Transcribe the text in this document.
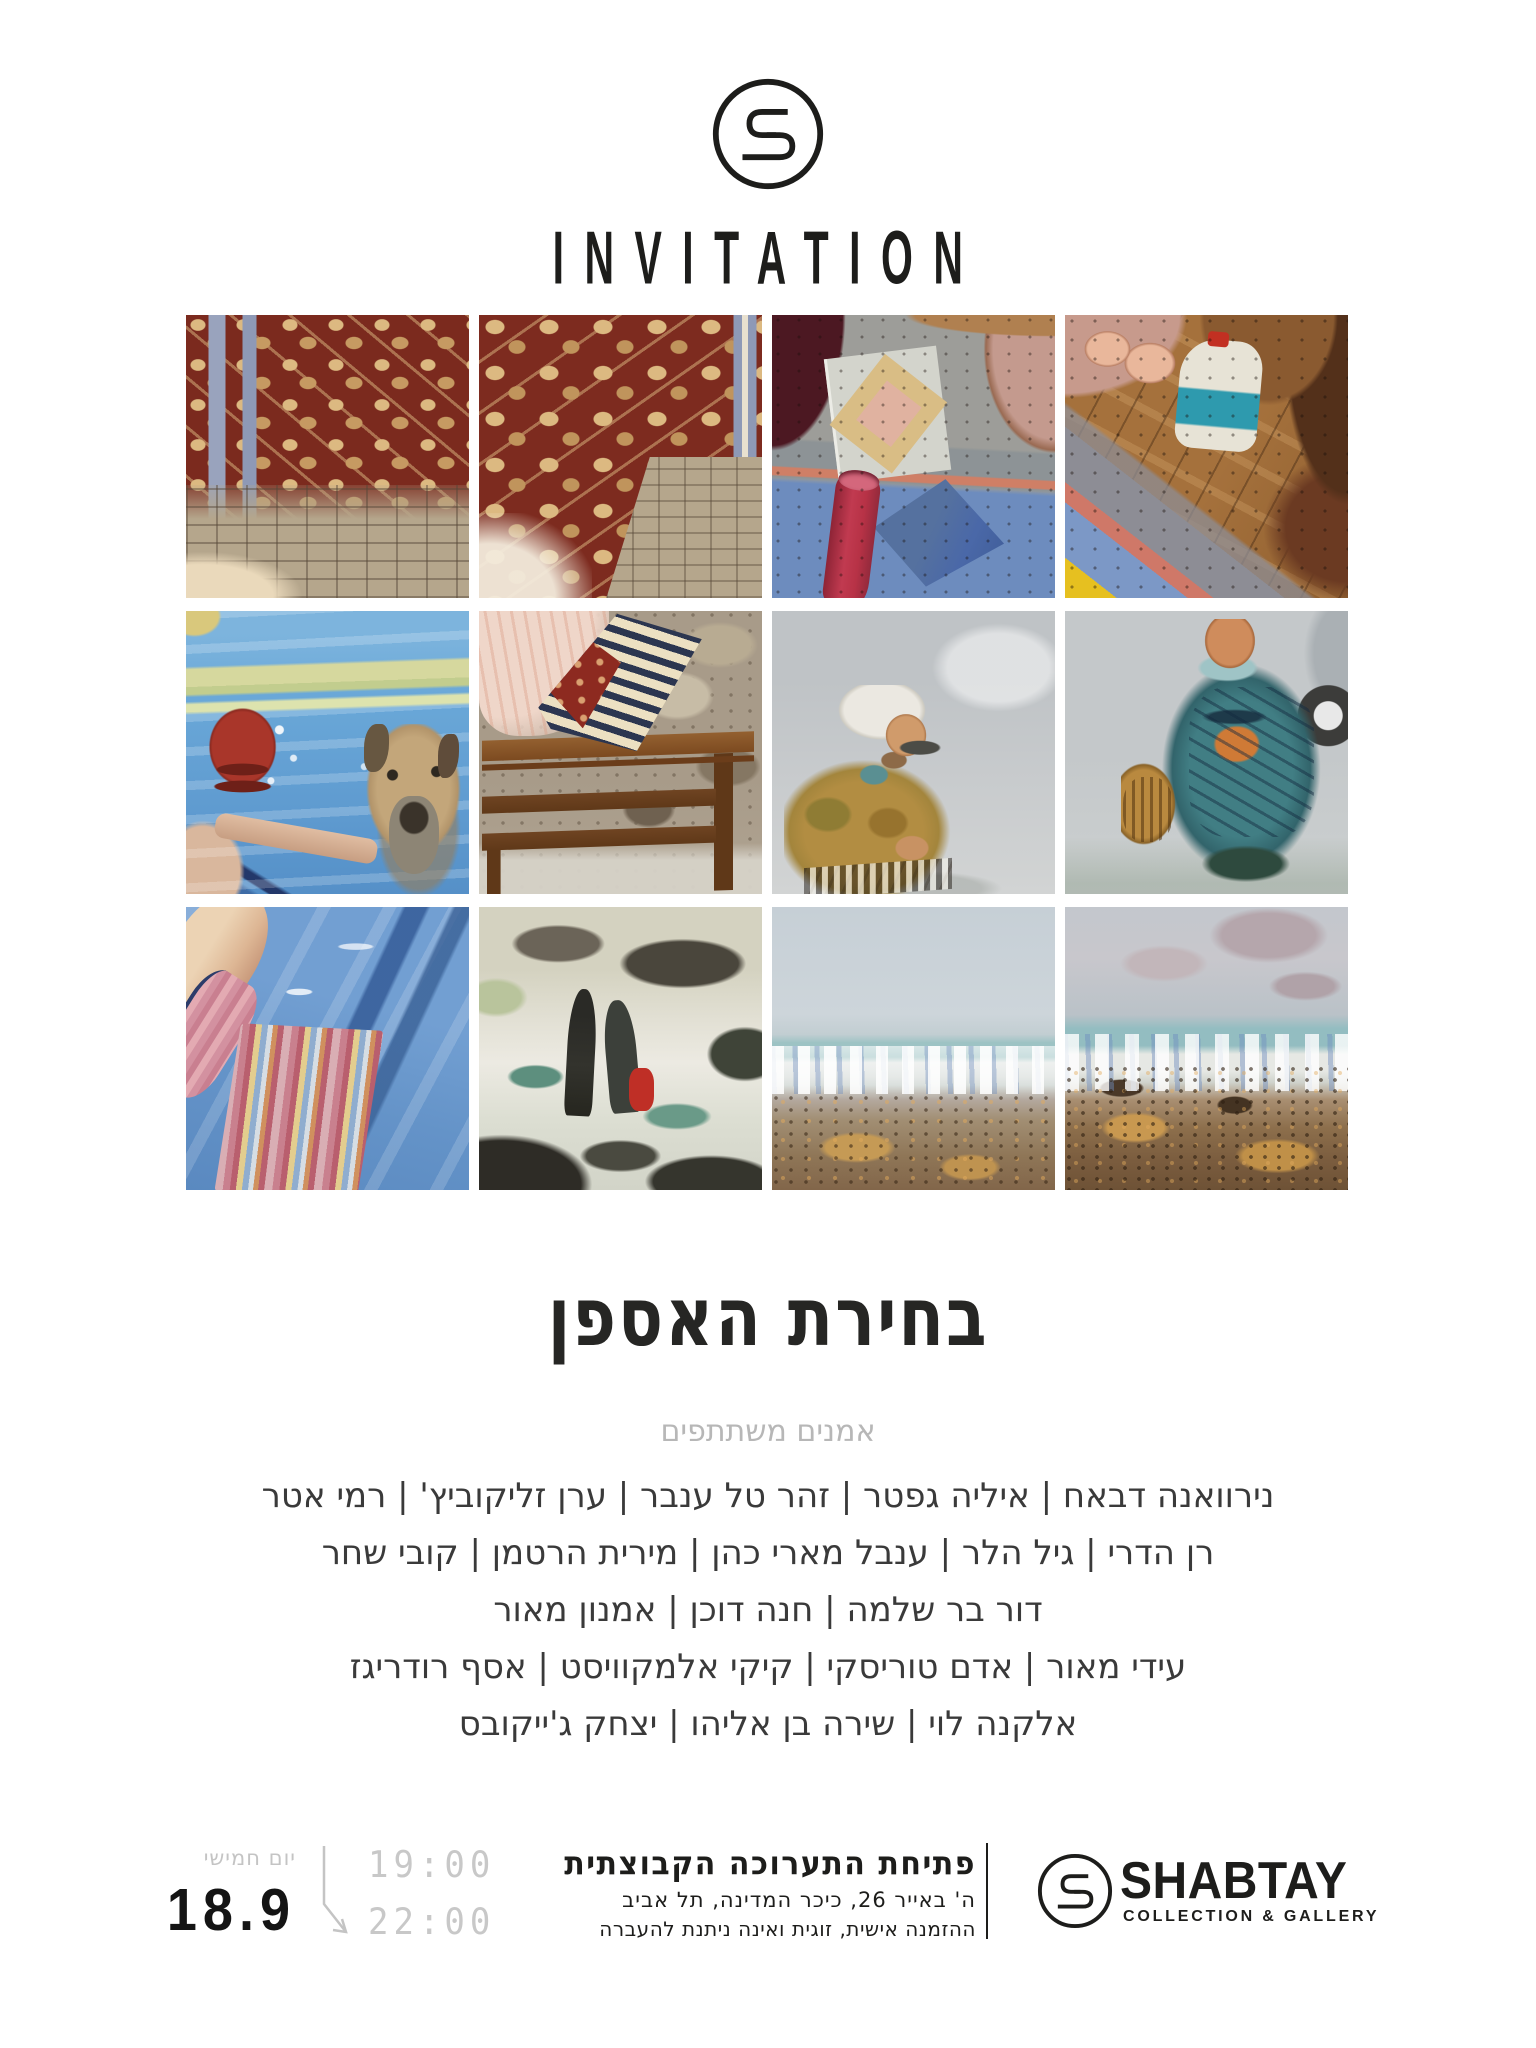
INVITATION
בחירת האספן
אמנים משתתפים
נירוואנה דבאח | איליה גפטר | זהר טל ענבר | ערן זליקוביץ' | רמי אטר
רן הדרי | גיל הלר | ענבל מארי כהן | מירית הרטמן | קובי שחר
דור בר שלמה | חנה דוכן | אמנון מאור
עידי מאור | אדם טוריסקי | קיקי אלמקוויסט | אסף רודריגז
אלקנה לוי | שירה בן אליהו | יצחק ג'ייקובס
יום חמישי
18.9
19:00
22:00
פתיחת התערוכה הקבוצתית
ה' באייר 26, כיכר המדינה, תל אביב
ההזמנה אישית, זוגית ואינה ניתנת להעברה
SHABTAY
COLLECTION & GALLERY
